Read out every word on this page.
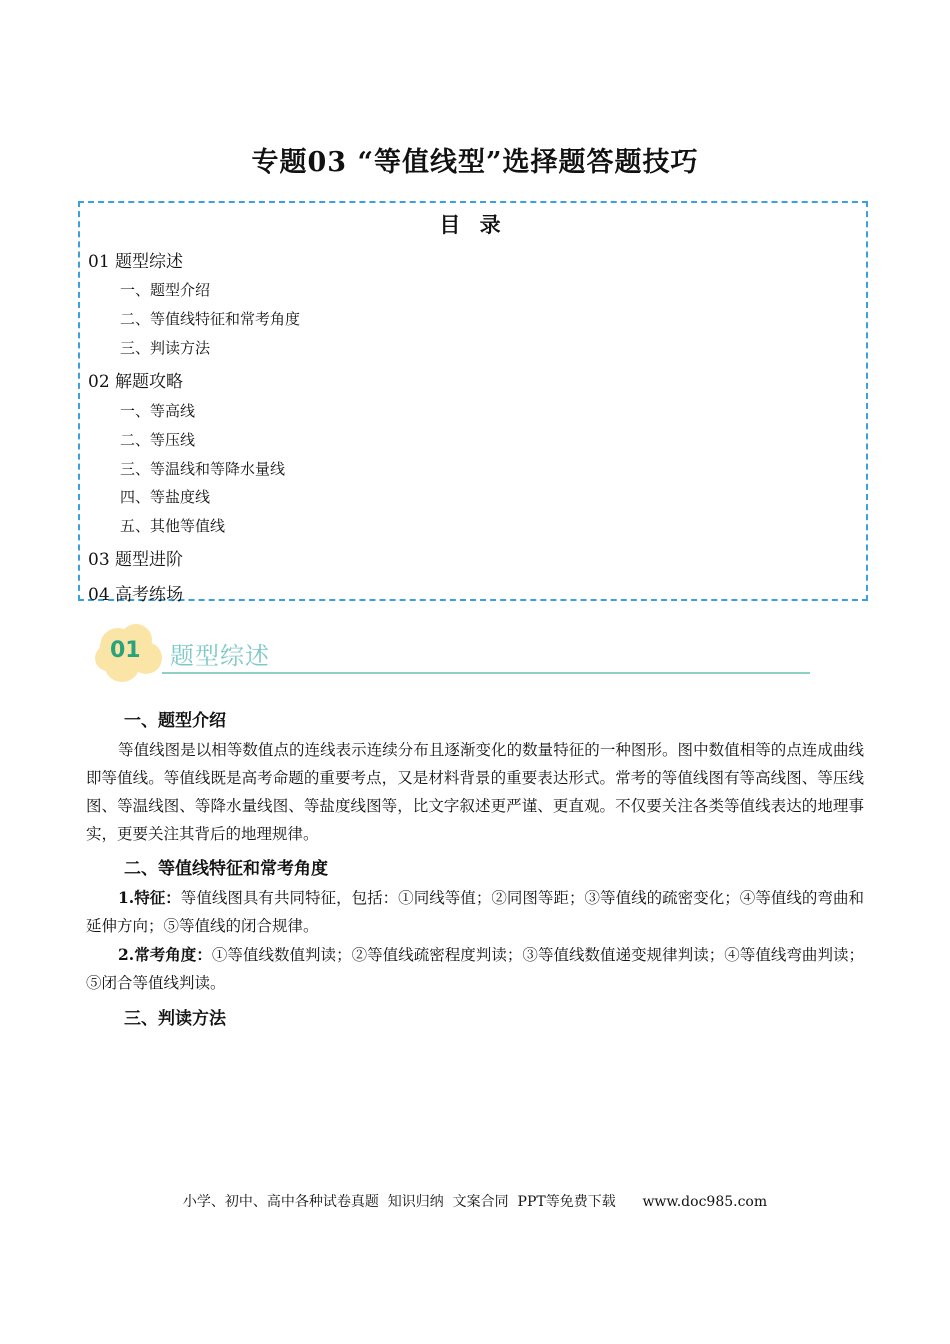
专题03 “等值线型”选择题答题技巧
目 录
01 题型综述
一、题型介绍
二、等值线特征和常考角度
三、判读方法
02 解题攻略
一、等高线
二、等压线
三、等温线和等降水量线
四、等盐度线
五、其他等值线
03 题型进阶
04 高考练场
01 题型综述
一、题型介绍
等值线图是以相等数值点的连线表示连续分布且逐渐变化的数量特征的一种图形。图中数值相等的点连成曲线即等值线。等值线既是高考命题的重要考点，又是材料背景的重要表达形式。常考的等值线图有等高线图、等压线图、等温线图、等降水量线图、等盐度线图等，比文字叙述更严谨、更直观。不仅要关注各类等值线表达的地理事实，更要关注其背后的地理规律。
二、等值线特征和常考角度
1.特征：等值线图具有共同特征，包括：①同线等值；②同图等距；③等值线的疏密变化；④等值线的弯曲和延伸方向；⑤等值线的闭合规律。
2.常考角度：①等值线数值判读；②等值线疏密程度判读；③等值线数值递变规律判读；④等值线弯曲判读；⑤闭合等值线判读。
三、判读方法
小学、初中、高中各种试卷真题  知识归纳  文案合同  PPT等免费下载      www.doc985.com
